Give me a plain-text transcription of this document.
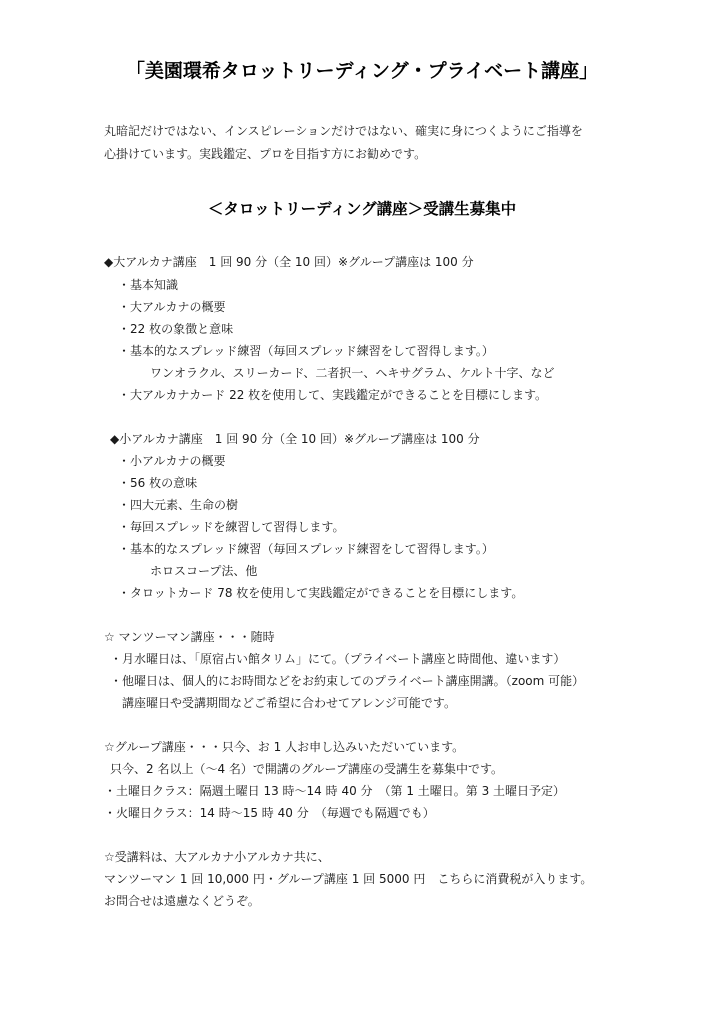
「美園環希タロットリーディング・プライベート講座」
丸暗記だけではない、インスピレーションだけではない、確実に身につくようにご指導を
心掛けています。実践鑑定、プロを目指す方にお勧めです。
＜タロットリーディング講座＞受講生募集中
◆大アルカナ講座　1 回 90 分（全 10 回）※グループ講座は 100 分
・基本知識
・大アルカナの概要
・22 枚の象徴と意味
・基本的なスプレッド練習（毎回スプレッド練習をして習得します。）
ワンオラクル、スリーカード、二者択一、ヘキサグラム、ケルト十字、など
・大アルカナカード 22 枚を使用して、実践鑑定ができることを目標にします。
◆小アルカナ講座　1 回 90 分（全 10 回）※グループ講座は 100 分
・小アルカナの概要
・56 枚の意味
・四大元素、生命の樹
・毎回スプレッドを練習して習得します。
・基本的なスプレッド練習（毎回スプレッド練習をして習得します。）
ホロスコープ法、他
・タロットカード 78 枚を使用して実践鑑定ができることを目標にします。
☆ マンツーマン講座・・・随時
・月水曜日は、「原宿占い館タリム」にて。（プライベート講座と時間他、違います）
・他曜日は、個人的にお時間などをお約束してのプライベート講座開講。（zoom 可能）
講座曜日や受講期間などご希望に合わせてアレンジ可能です。
☆グループ講座・・・只今、お 1 人お申し込みいただいています。
只今、2 名以上（〜4 名）で開講のグループ講座の受講生を募集中です。
・土曜日クラス：隔週土曜日 13 時〜14 時 40 分　（第 1 土曜日。第 3 土曜日予定）
・火曜日クラス：14 時〜15 時 40 分　（毎週でも隔週でも）
☆受講料は、大アルカナ小アルカナ共に、
マンツーマン 1 回 10,000 円・グループ講座 1 回 5000 円　こちらに消費税が入ります。
お問合せは遠慮なくどうぞ。
